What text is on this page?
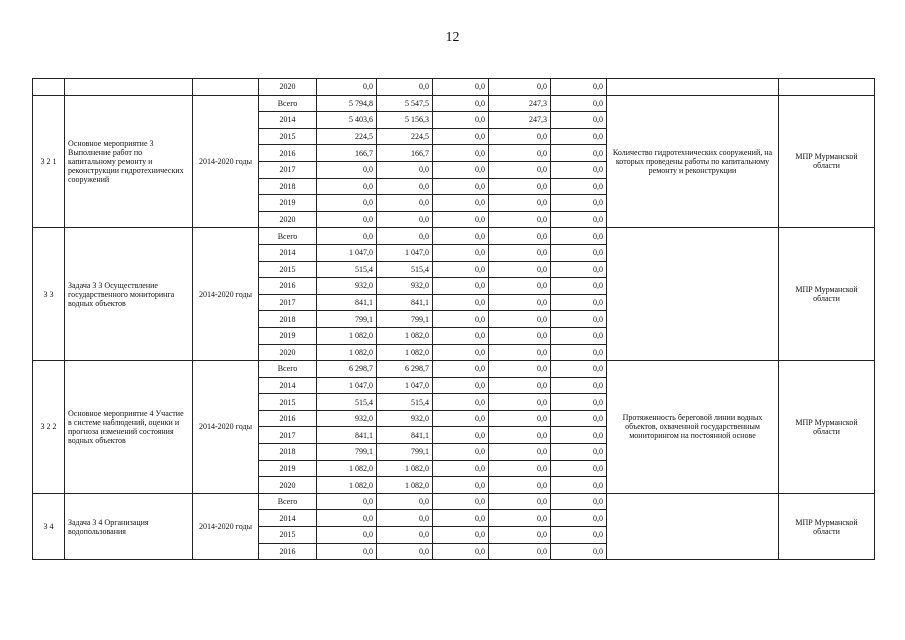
12
			2020	0,0	0,0	0,0	0,0	0,0		
3 2 1	Основное мероприятие 3 Выполнение работ по капитальному ремонту и реконструкции гидротехнических сооружений	2014-2020 годы	Всего	5 794,8	5 547,5	0,0	247,3	0,0	Количество гидротехнических сооружений, на которых проведены работы по капитальному ремонту и реконструкции	МПР Мурманской области
			2014	5 403,6	5 156,3	0,0	247,3	0,0		
			2015	224,5	224,5	0,0	0,0	0,0		
			2016	166,7	166,7	0,0	0,0	0,0		
			2017	0,0	0,0	0,0	0,0	0,0		
			2018	0,0	0,0	0,0	0,0	0,0		
			2019	0,0	0,0	0,0	0,0	0,0		
			2020	0,0	0,0	0,0	0,0	0,0		
3 3	Задача 3 3 Осуществление государственного мониторинга водных объектов	2014-2020 годы	Всего	0,0	0,0	0,0	0,0	0,0		МПР Мурманской области
			2014	1 047,0	1 047,0	0,0	0,0	0,0		
			2015	515,4	515,4	0,0	0,0	0,0		
			2016	932,0	932,0	0,0	0,0	0,0		
			2017	841,1	841,1	0,0	0,0	0,0		
			2018	799,1	799,1	0,0	0,0	0,0		
			2019	1 082,0	1 082,0	0,0	0,0	0,0		
			2020	1 082,0	1 082,0	0,0	0,0	0,0		
3 2 2	Основное мероприятие 4 Участие в системе наблюдений, оценки и прогноза изменений состояния водных объектов	2014-2020 годы	Всего	6 298,7	6 298,7	0,0	0,0	0,0	Протяженность береговой линии водных объектов, охваченной государственным мониторингом на постоянной основе	МПР Мурманской области
			2014	1 047,0	1 047,0	0,0	0,0	0,0		
			2015	515,4	515,4	0,0	0,0	0,0		
			2016	932,0	932,0	0,0	0,0	0,0		
			2017	841,1	841,1	0,0	0,0	0,0		
			2018	799,1	799,1	0,0	0,0	0,0		
			2019	1 082,0	1 082,0	0,0	0,0	0,0		
			2020	1 082,0	1 082,0	0,0	0,0	0,0		
3 4	Задача 3 4 Организация водопользования	2014-2020 годы	Всего	0,0	0,0	0,0	0,0	0,0		МПР Мурманской области
			2014	0,0	0,0	0,0	0,0	0,0		
			2015	0,0	0,0	0,0	0,0	0,0		
			2016	0,0	0,0	0,0	0,0	0,0		
